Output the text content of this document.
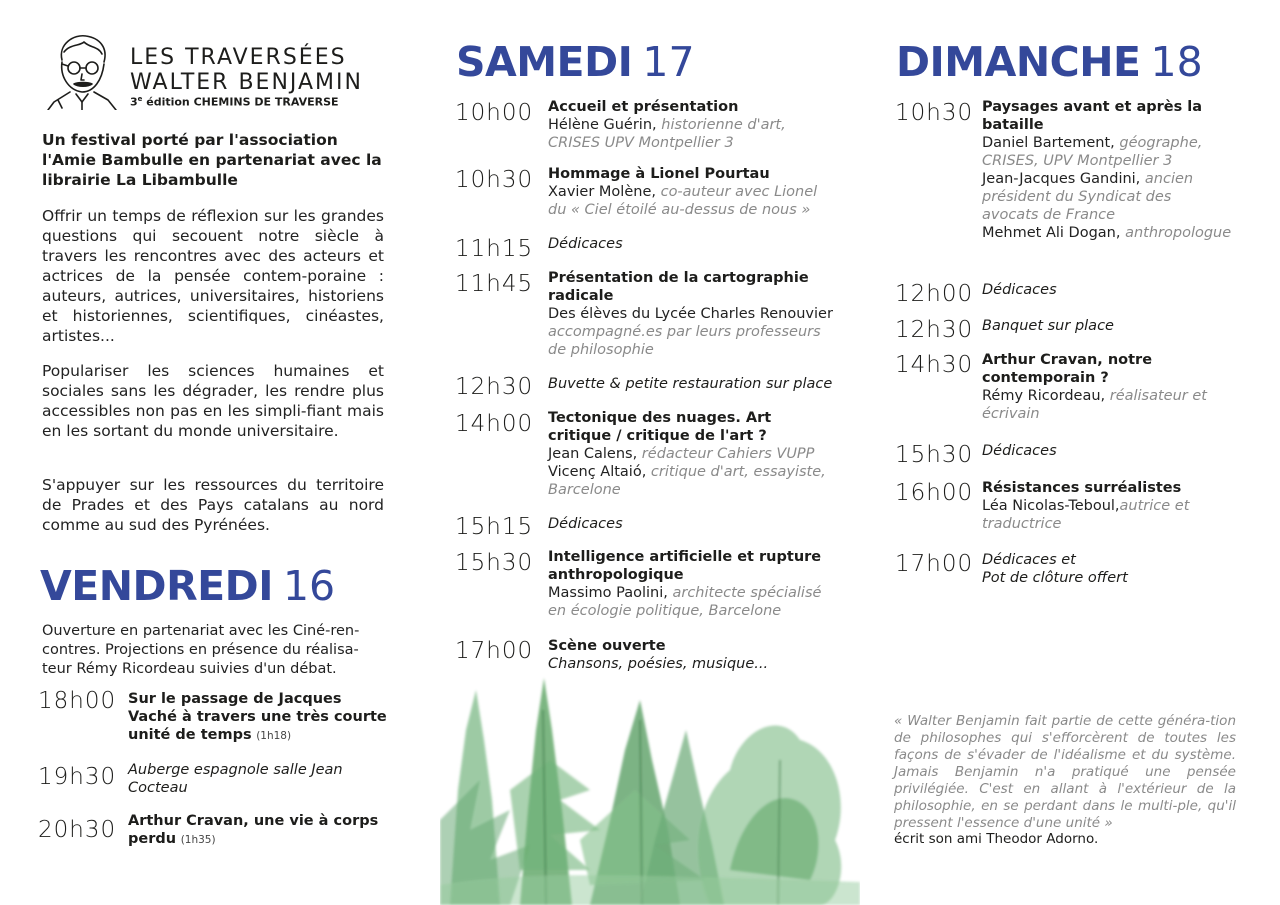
LES TRAVERSÉES
WALTER BENJAMIN
3e édition CHEMINS DE TRAVERSE
Un festival porté par l'association l'Amie Bambulle en partenariat avec la librairie La Libambulle
Offrir un temps de réflexion sur les grandes questions qui secouent notre siècle à travers les rencontres avec des acteurs et actrices de la pensée contem-poraine : auteurs, autrices, universitaires, historiens et historiennes, scientifiques, cinéastes, artistes...
Populariser les sciences humaines et sociales sans les dégrader, les rendre plus accessibles non pas en les simpli-fiant mais en les sortant du monde universitaire.
S'appuyer sur les ressources du territoire de Prades et des Pays catalans au nord comme au sud des Pyrénées.
VENDREDI 16
Ouverture en partenariat avec les Ciné-ren-contres. Projections en présence du réalisa-teur Rémy Ricordeau suivies d'un débat.
18h00 Sur le passage de Jacques Vaché à travers une très courte unité de temps (1h18)
19h30 Auberge espagnole salle Jean Cocteau
20h30 Arthur Cravan, une vie à corps perdu (1h35)
SAMEDI 17
10h00 Accueil et présentation
Hélène Guérin, historienne d'art, CRISES UPV Montpellier 3
10h30 Hommage à Lionel Pourtau
Xavier Molène, co-auteur avec Lionel du « Ciel étoilé au-dessus de nous »
11h15 Dédicaces
11h45 Présentation de la cartographie radicale
Des élèves du Lycée Charles Renouvier accompagné.es par leurs professeurs de philosophie
12h30 Buvette & petite restauration sur place
14h00 Tectonique des nuages. Art critique / critique de l'art ?
Jean Calens, rédacteur Cahiers VUPP
Vicenç Altaió, critique d'art, essayiste, Barcelone
15h15 Dédicaces
15h30 Intelligence artificielle et rupture anthropologique
Massimo Paolini, architecte spécialisé en écologie politique, Barcelone
17h00 Scène ouverte
Chansons, poésies, musique...
DIMANCHE 18
10h30 Paysages avant et après la bataille
Daniel Bartement, géographe, CRISES, UPV Montpellier 3
Jean-Jacques Gandini, ancien président du Syndicat des avocats de France
Mehmet Ali Dogan, anthropologue
12h00 Dédicaces
12h30 Banquet sur place
14h30 Arthur Cravan, notre contemporain ?
Rémy Ricordeau, réalisateur et écrivain
15h30 Dédicaces
16h00 Résistances surréalistes
Léa Nicolas-Teboul,autrice et traductrice
17h00 Dédicaces et
Pot de clôture offert
« Walter Benjamin fait partie de cette généra-tion de philosophes qui s'efforcèrent de toutes les façons de s'évader de l'idéalisme et du système. Jamais Benjamin n'a pratiqué une pensée privilégiée. C'est en allant à l'extérieur de la philosophie, en se perdant dans le multi-ple, qu'il pressent l'essence d'une unité »
écrit son ami Theodor Adorno.
